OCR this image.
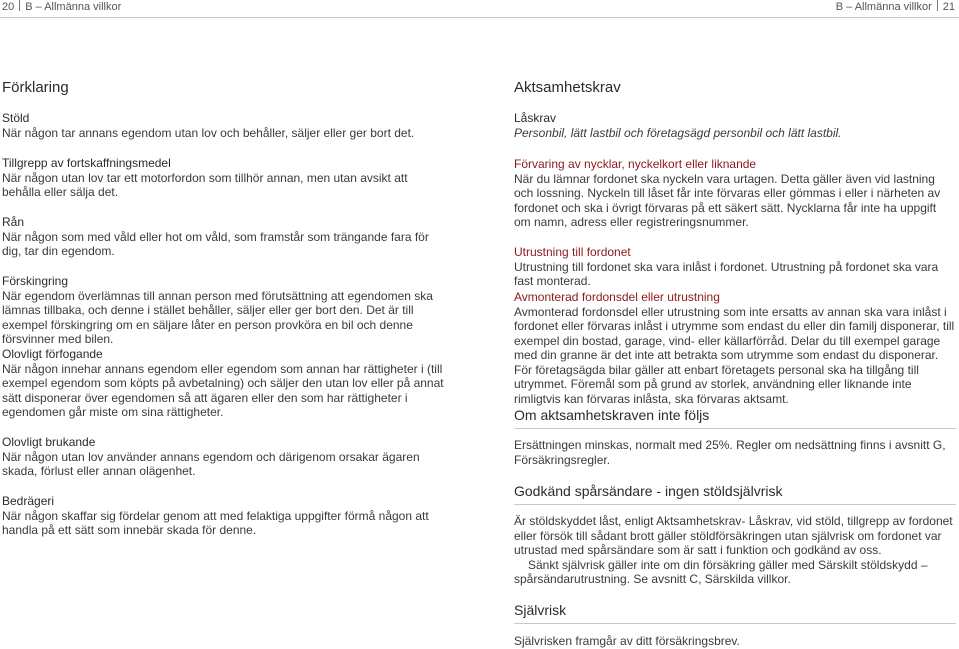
20 B – Allmänna villkor	B – Allmänna villkor 21
Förklaring
Stöld
När någon tar annans egendom utan lov och behåller, säljer eller ger bort det.
Tillgrepp av fortskaffningsmedel
När någon utan lov tar ett motorfordon som tillhör annan, men utan avsikt att behålla eller sälja det.
Rån
När någon som med våld eller hot om våld, som framstår som trängande fara för dig, tar din egendom.
Förskingring
När egendom överlämnas till annan person med förutsättning att egendomen ska lämnas tillbaka, och denne i stället behåller, säljer eller ger bort den. Det är till exempel förskingring om en säljare låter en person provköra en bil och denne försvinner med bilen.
Olovligt förfogande
När någon innehar annans egendom eller egendom som annan har rättigheter i (till exempel egendom som köpts på avbetalning) och säljer den utan lov eller på annat sätt disponerar över egendomen så att ägaren eller den som har rättigheter i egendomen går miste om sina rättigheter.
Olovligt brukande
När någon utan lov använder annans egendom och därigenom orsakar ägaren skada, förlust eller annan olägenhet.
Bedrägeri
När någon skaffar sig fördelar genom att med felaktiga uppgifter förmå någon att handla på ett sätt som innebär skada för denne.
Aktsamhetskrav
Låskrav
Personbil, lätt lastbil och företagsägd personbil och lätt lastbil.
Förvaring av nycklar, nyckelkort eller liknande
När du lämnar fordonet ska nyckeln vara urtagen. Detta gäller även vid lastning och lossning. Nyckeln till låset får inte förvaras eller gömmas i eller i närheten av fordonet och ska i övrigt förvaras på ett säkert sätt. Nycklarna får inte ha uppgift om namn, adress eller registreringsnummer.
Utrustning till fordonet
Utrustning till fordonet ska vara inlåst i fordonet. Utrustning på fordonet ska vara fast monterad.
Avmonterad fordonsdel eller utrustning
Avmonterad fordonsdel eller utrustning som inte ersatts av annan ska vara inlåst i fordonet eller förvaras inlåst i utrymme som endast du eller din familj disponerar, till exempel din bostad, garage, vind- eller källarförråd. Delar du till exempel garage med din granne är det inte att betrakta som utrymme som endast du disponerar. För företagsägda bilar gäller att enbart företagets personal ska ha tillgång till utrymmet. Föremål som på grund av storlek, användning eller liknande inte rimligtvis kan förvaras inlåsta, ska förvaras aktsamt.
Om aktsamhetskraven inte följs
Ersättningen minskas, normalt med 25%. Regler om nedsättning finns i avsnitt G, Försäkringsregler.
Godkänd spårsändare - ingen stöldsjälvrisk
Är stöldskyddet låst, enligt Aktsamhetskrav- Låskrav, vid stöld, tillgrepp av fordonet eller försök till sådant brott gäller stöldförsäkringen utan självrisk om fordonet var utrustad med spårsändare som är satt i funktion och godkänd av oss.
Sänkt självrisk gäller inte om din försäkring gäller med Särskilt stöldskydd – spårsändarutrustning. Se avsnitt C, Särskilda villkor.
Självrisk
Självrisken framgår av ditt försäkringsbrev.
